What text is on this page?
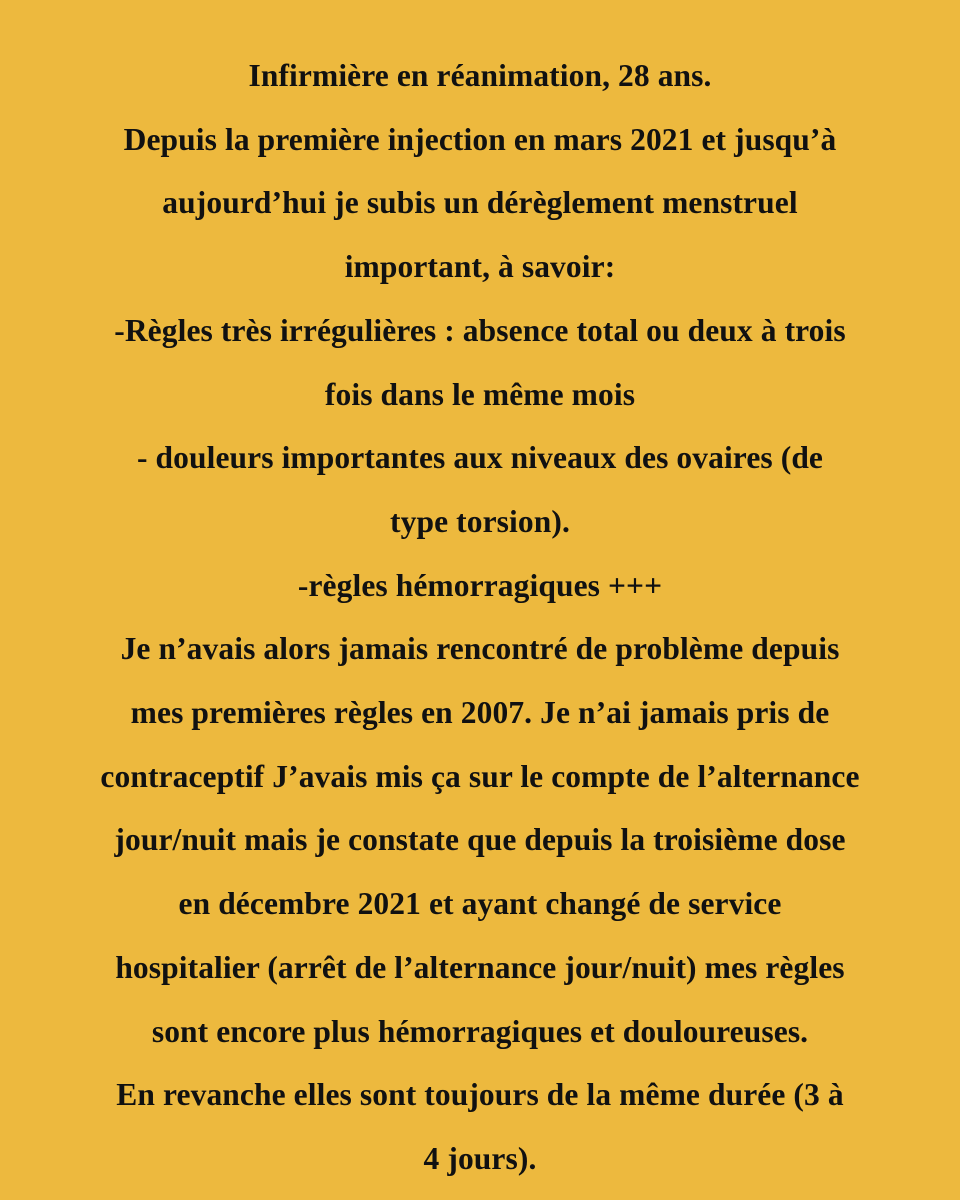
Infirmière en réanimation, 28 ans.
Depuis la première injection en mars 2021 et jusqu’à
aujourd’hui je subis un dérèglement menstruel
important, à savoir:
-Règles très irrégulières : absence total ou deux à trois
fois dans le même mois
- douleurs importantes aux niveaux des ovaires (de
type torsion).
-règles hémorragiques +++
Je n’avais alors jamais rencontré de problème depuis
mes premières règles en 2007. Je n’ai jamais pris de
contraceptif J’avais mis ça sur le compte de l’alternance
jour/nuit mais je constate que depuis la troisième dose
en décembre 2021 et ayant changé de service
hospitalier (arrêt de l’alternance jour/nuit) mes règles
sont encore plus hémorragiques et douloureuses.
En revanche elles sont toujours de la même durée (3 à
4 jours).
